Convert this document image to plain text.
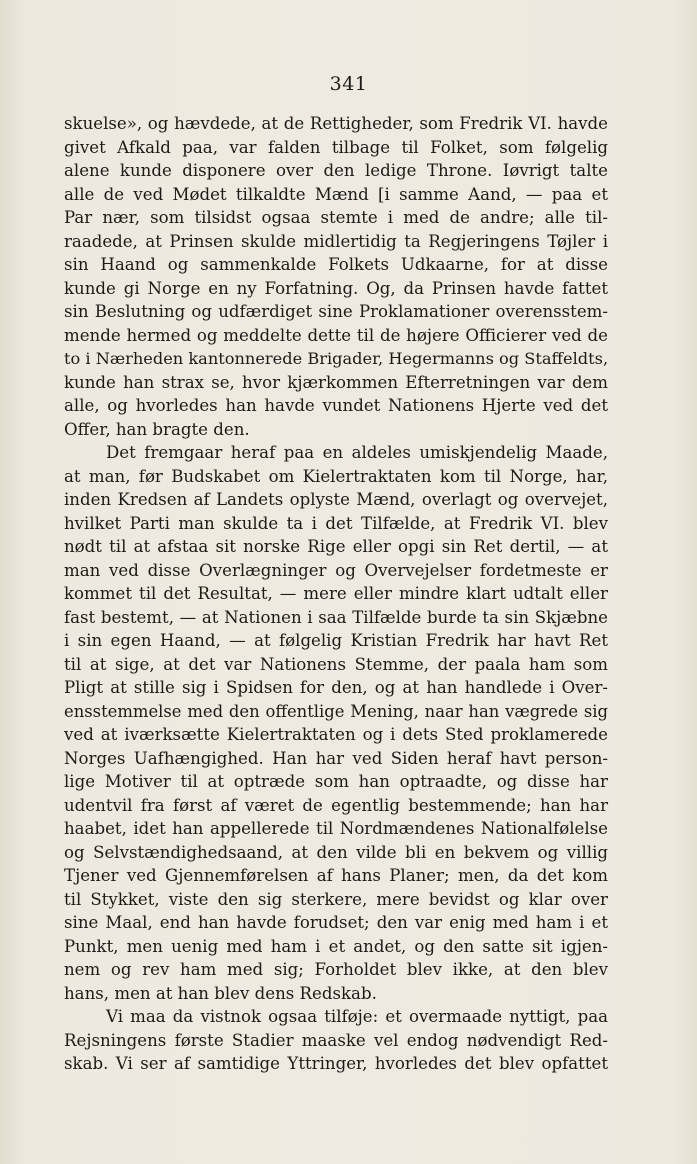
341
skuelse», og hævdede, at de Rettigheder, som Fredrik VI. havde
givet Afkald paa, var falden tilbage til Folket, som følgelig
alene kunde disponere over den ledige Throne. Iøvrigt talte
alle de ved Mødet tilkaldte Mænd [i samme Aand, — paa et
Par nær, som tilsidst ogsaa stemte i med de andre; alle til-
raadede, at Prinsen skulde midlertidig ta Regjeringens Tøjler i
sin Haand og sammenkalde Folkets Udkaarne, for at disse
kunde gi Norge en ny Forfatning. Og, da Prinsen havde fattet
sin Beslutning og udfærdiget sine Proklamationer overensstem-
mende hermed og meddelte dette til de højere Officierer ved de
to i Nærheden kantonnerede Brigader, Hegermanns og Staffeldts,
kunde han strax se, hvor kjærkommen Efterretningen var dem
alle, og hvorledes han havde vundet Nationens Hjerte ved det
Offer, han bragte den.
Det fremgaar heraf paa en aldeles umiskjendelig Maade,
at man, før Budskabet om Kielertraktaten kom til Norge, har,
inden Kredsen af Landets oplyste Mænd, overlagt og overvejet,
hvilket Parti man skulde ta i det Tilfælde, at Fredrik VI. blev
nødt til at afstaa sit norske Rige eller opgi sin Ret dertil, — at
man ved disse Overlægninger og Overvejelser fordetmeste er
kommet til det Resultat, — mere eller mindre klart udtalt eller
fast bestemt, — at Nationen i saa Tilfælde burde ta sin Skjæbne
i sin egen Haand, — at følgelig Kristian Fredrik har havt Ret
til at sige, at det var Nationens Stemme, der paala ham som
Pligt at stille sig i Spidsen for den, og at han handlede i Over-
ensstemmelse med den offentlige Mening, naar han vægrede sig
ved at iværksætte Kielertraktaten og i dets Sted proklamerede
Norges Uafhængighed. Han har ved Siden heraf havt person-
lige Motiver til at optræde som han optraadte, og disse har
udentvil fra først af været de egentlig bestemmende; han har
haabet, idet han appellerede til Nordmændenes Nationalfølelse
og Selvstændighedsaand, at den vilde bli en bekvem og villig
Tjener ved Gjennemførelsen af hans Planer; men, da det kom
til Stykket, viste den sig sterkere, mere bevidst og klar over
sine Maal, end han havde forudset; den var enig med ham i et
Punkt, men uenig med ham i et andet, og den satte sit igjen-
nem og rev ham med sig; Forholdet blev ikke, at den blev
hans, men at han blev dens Redskab.
Vi maa da vistnok ogsaa tilføje: et overmaade nyttigt, paa
Rejsningens første Stadier maaske vel endog nødvendigt Red-
skab. Vi ser af samtidige Yttringer, hvorledes det blev opfattet
